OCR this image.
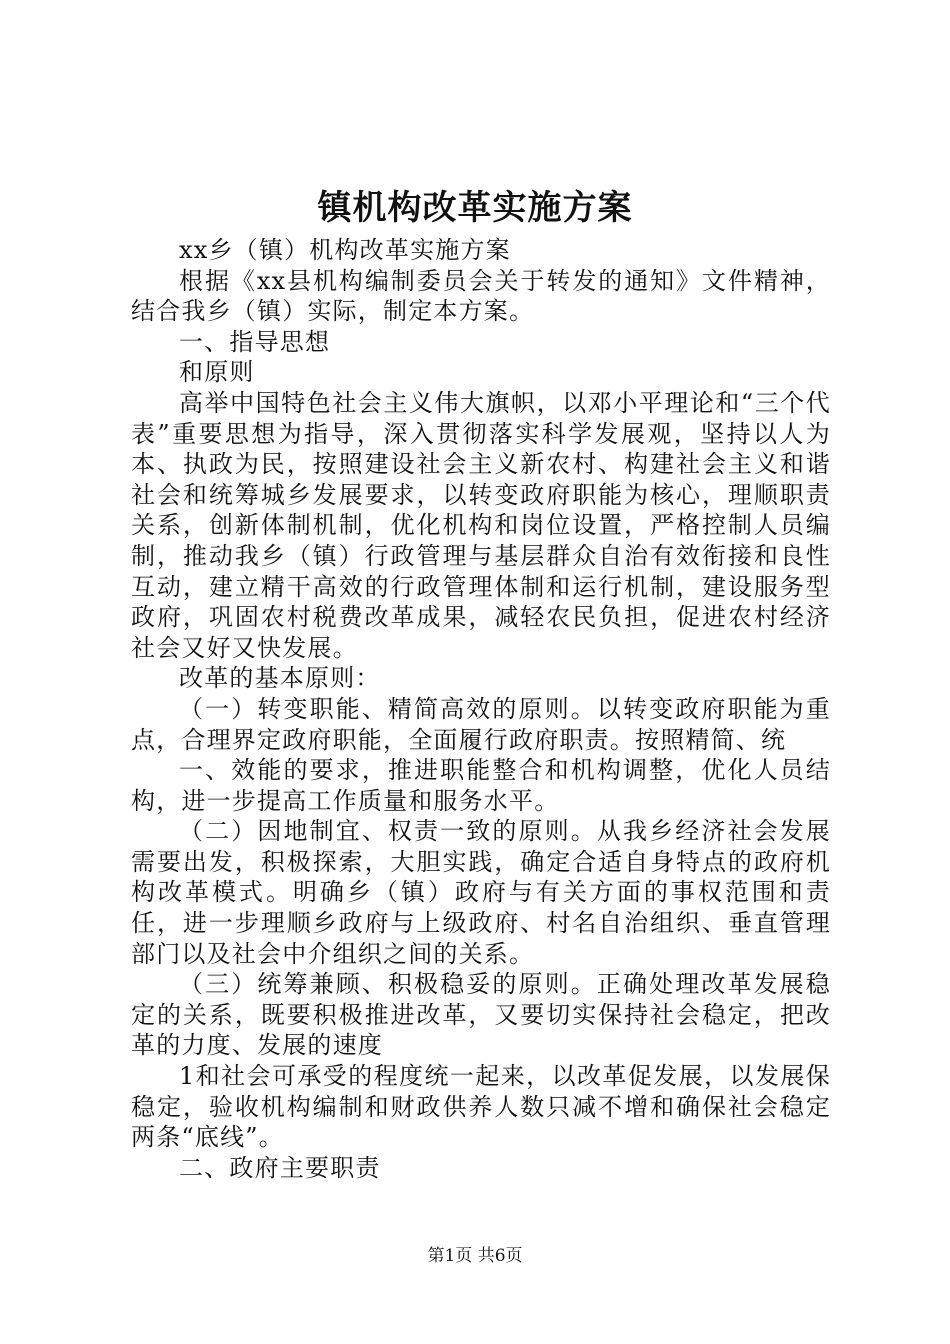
镇机构改革实施方案

xx乡（镇）机构改革实施方案

根据《xx县机构编制委员会关于转发的通知》文件精神，结合我乡（镇）实际，制定本方案。

一、指导思想

和原则

高举中国特色社会主义伟大旗帜，以邓小平理论和“三个代表”重要思想为指导，深入贯彻落实科学发展观，坚持以人为本、执政为民，按照建设社会主义新农村、构建社会主义和谐社会和统筹城乡发展要求，以转变政府职能为核心，理顺职责关系，创新体制机制，优化机构和岗位设置，严格控制人员编制，推动我乡（镇）行政管理与基层群众自治有效衔接和良性互动，建立精干高效的行政管理体制和运行机制，建设服务型政府，巩固农村税费改革成果，减轻农民负担，促进农村经济社会又好又快发展。

改革的基本原则：

（一）转变职能、精简高效的原则。以转变政府职能为重点，合理界定政府职能，全面履行政府职责。按照精简、统

一、效能的要求，推进职能整合和机构调整，优化人员结构，进一步提高工作质量和服务水平。

（二）因地制宜、权责一致的原则。从我乡经济社会发展需要出发，积极探索，大胆实践，确定合适自身特点的政府机构改革模式。明确乡（镇）政府与有关方面的事权范围和责任，进一步理顺乡政府与上级政府、村名自治组织、垂直管理部门以及社会中介组织之间的关系。

（三）统筹兼顾、积极稳妥的原则。正确处理改革发展稳定的关系，既要积极推进改革，又要切实保持社会稳定，把改革的力度、发展的速度

1和社会可承受的程度统一起来，以改革促发展，以发展保稳定，验收机构编制和财政供养人数只减不增和确保社会稳定两条“底线”。

二、政府主要职责

第1页 共6页
